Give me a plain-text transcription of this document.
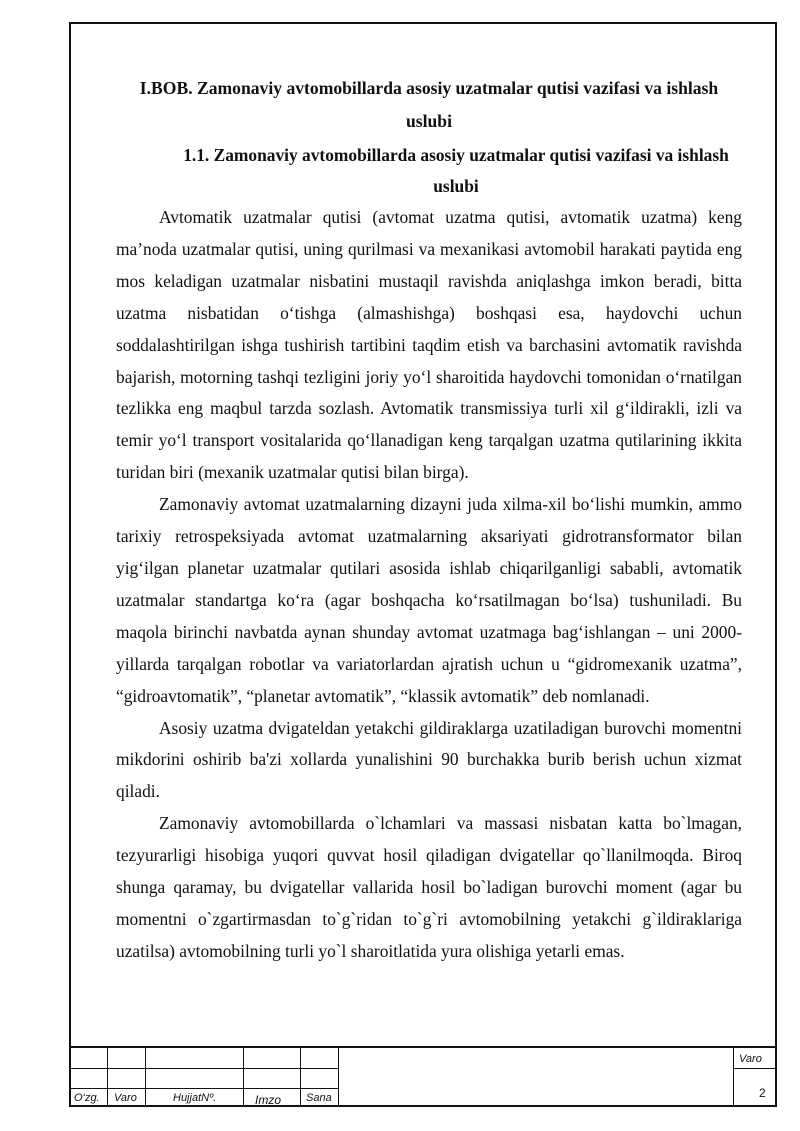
I.BOB. Zamonaviy avtomobillarda asosiy uzatmalar qutisi vazifasi va ishlash uslubi
1.1. Zamonaviy avtomobillarda asosiy uzatmalar qutisi vazifasi va ishlash uslubi

Avtomatik uzatmalar qutisi (avtomat uzatma qutisi, avtomatik uzatma) keng ma’noda uzatmalar qutisi, uning qurilmasi va mexanikasi avtomobil harakati paytida eng mos keladigan uzatmalar nisbatini mustaqil ravishda aniqlashga imkon beradi, bitta uzatma nisbatidan o‘tishga (almashishga) boshqasi esa, haydovchi uchun soddalashtirilgan ishga tushirish tartibini taqdim etish va barchasini avtomatik ravishda bajarish, motorning tashqi tezligini joriy yo‘l sharoitida haydovchi tomonidan o‘rnatilgan tezlikka eng maqbul tarzda sozlash. Avtomatik transmissiya turli xil g‘ildirakli, izli va temir yo‘l transport vositalarida qo‘llanadigan keng tarqalgan uzatma qutilarining ikkita turidan biri (mexanik uzatmalar qutisi bilan birga).

Zamonaviy avtomat uzatmalarning dizayni juda xilma-xil bo‘lishi mumkin, ammo tarixiy retrospeksiyada avtomat uzatmalarning aksariyati gidrotransformator bilan yig‘ilgan planetar uzatmalar qutilari asosida ishlab chiqarilganligi sababli, avtomatik uzatmalar standartga ko‘ra (agar boshqacha ko‘rsatilmagan bo‘lsa) tushuniladi. Bu maqola birinchi navbatda aynan shunday avtomat uzatmaga bag‘ishlangan – uni 2000-yillarda tarqalgan robotlar va variatorlardan ajratish uchun u “gidromexanik uzatma”, “gidroavtomatik”, “planetar avtomatik”, “klassik avtomatik” deb nomlanadi.

Asosiy uzatma dvigateldan yetakchi gildiraklarga uzatiladigan burovchi momentni mikdorini oshirib ba'zi xollarda yunalishini 90 burchakka burib berish uchun xizmat qiladi.

Zamonaviy avtomobillarda o`lchamlari va massasi nisbatan katta bo`lmagan, tezyurarligi hisobiga yuqori quvvat hosil qiladigan dvigatellar qo`llanilmoqda. Biroq shunga qaramay, bu dvigatellar vallarida hosil bo`ladigan burovchi moment (agar bu momentni o`zgartirmasdan to`g`ridan to`g`ri avtomobilning yetakchi g`ildiraklariga uzatilsa) avtomobilning turli yo`l sharoitlatida yura olishiga yetarli emas.

O‘zg. Varo	HujjatNº.	Imzo Sana
Varo
2
